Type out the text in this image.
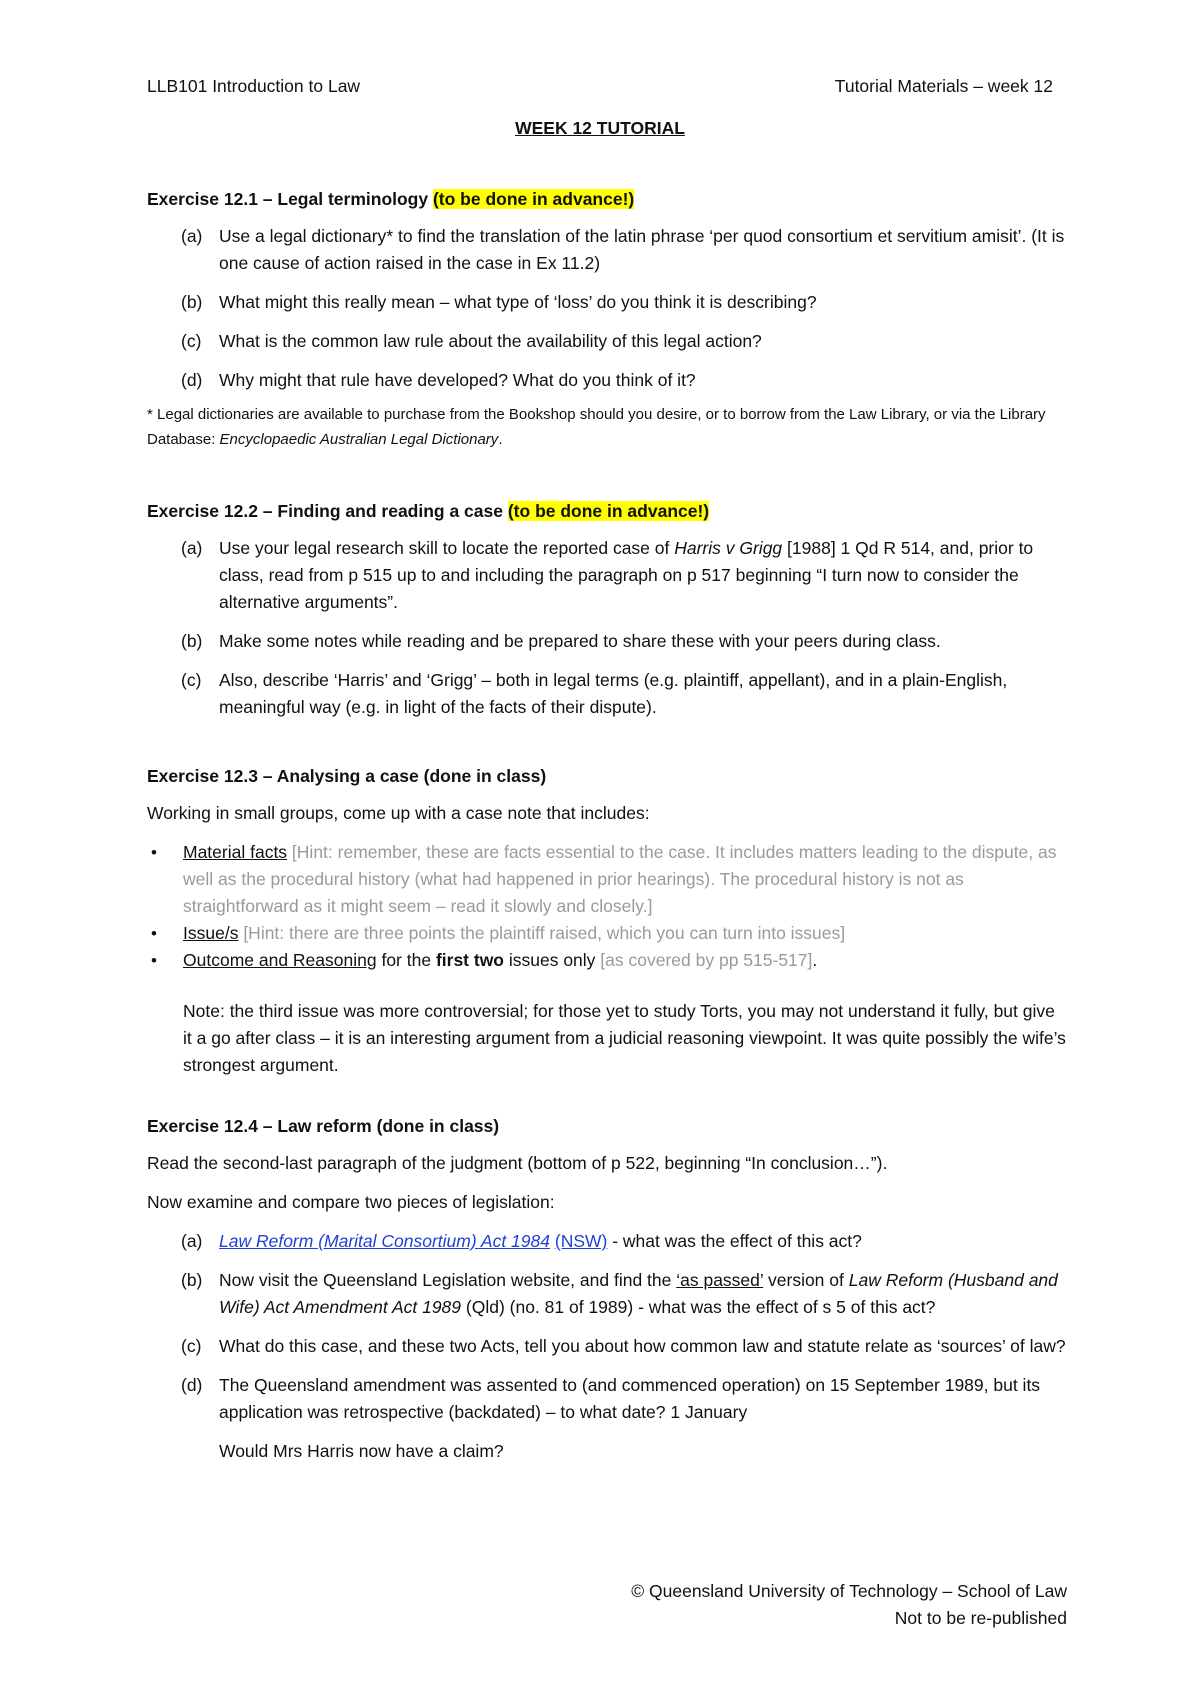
LLB101 Introduction to Law	Tutorial Materials – week 12
WEEK 12 TUTORIAL
Exercise 12.1 – Legal terminology (to be done in advance!)
(a) Use a legal dictionary* to find the translation of the latin phrase ‘per quod consortium et servitium amisit’. (It is one cause of action raised in the case in Ex 11.2)
(b) What might this really mean – what type of ‘loss’ do you think it is describing?
(c) What is the common law rule about the availability of this legal action?
(d) Why might that rule have developed? What do you think of it?
* Legal dictionaries are available to purchase from the Bookshop should you desire, or to borrow from the Law Library, or via the Library Database: Encyclopaedic Australian Legal Dictionary.
Exercise 12.2 – Finding and reading a case (to be done in advance!)
(a) Use your legal research skill to locate the reported case of Harris v Grigg [1988] 1 Qd R 514, and, prior to class, read from p 515 up to and including the paragraph on p 517 beginning “I turn now to consider the alternative arguments”.
(b) Make some notes while reading and be prepared to share these with your peers during class.
(c) Also, describe ‘Harris’ and ‘Grigg’ – both in legal terms (e.g. plaintiff, appellant), and in a plain-English, meaningful way (e.g. in light of the facts of their dispute).
Exercise 12.3 – Analysing a case (done in class)

Working in small groups, come up with a case note that includes:

• Material facts [Hint: remember, these are facts essential to the case. It includes matters leading to the dispute, as well as the procedural history (what had happened in prior hearings). The procedural history is not as straightforward as it might seem – read it slowly and closely.]
• Issue/s [Hint: there are three points the plaintiff raised, which you can turn into issues]
• Outcome and Reasoning for the first two issues only [as covered by pp 515-517].

Note: the third issue was more controversial; for those yet to study Torts, you may not understand it fully, but give it a go after class – it is an interesting argument from a judicial reasoning viewpoint. It was quite possibly the wife’s strongest argument.

Exercise 12.4 – Law reform (done in class)

Read the second-last paragraph of the judgment (bottom of p 522, beginning “In conclusion…”).

Now examine and compare two pieces of legislation:

(a) Law Reform (Marital Consortium) Act 1984 (NSW) - what was the effect of this act?
(b) Now visit the Queensland Legislation website, and find the ‘as passed’ version of Law Reform (Husband and Wife) Act Amendment Act 1989 (Qld) (no. 81 of 1989) - what was the effect of s 5 of this act?
(c) What do this case, and these two Acts, tell you about how common law and statute relate as ‘sources’ of law?
(d) The Queensland amendment was assented to (and commenced operation) on 15 September 1989, but its application was retrospective (backdated) – to what date? 1 January
Would Mrs Harris now have a claim?
© Queensland University of Technology – School of Law
Not to be re-published
